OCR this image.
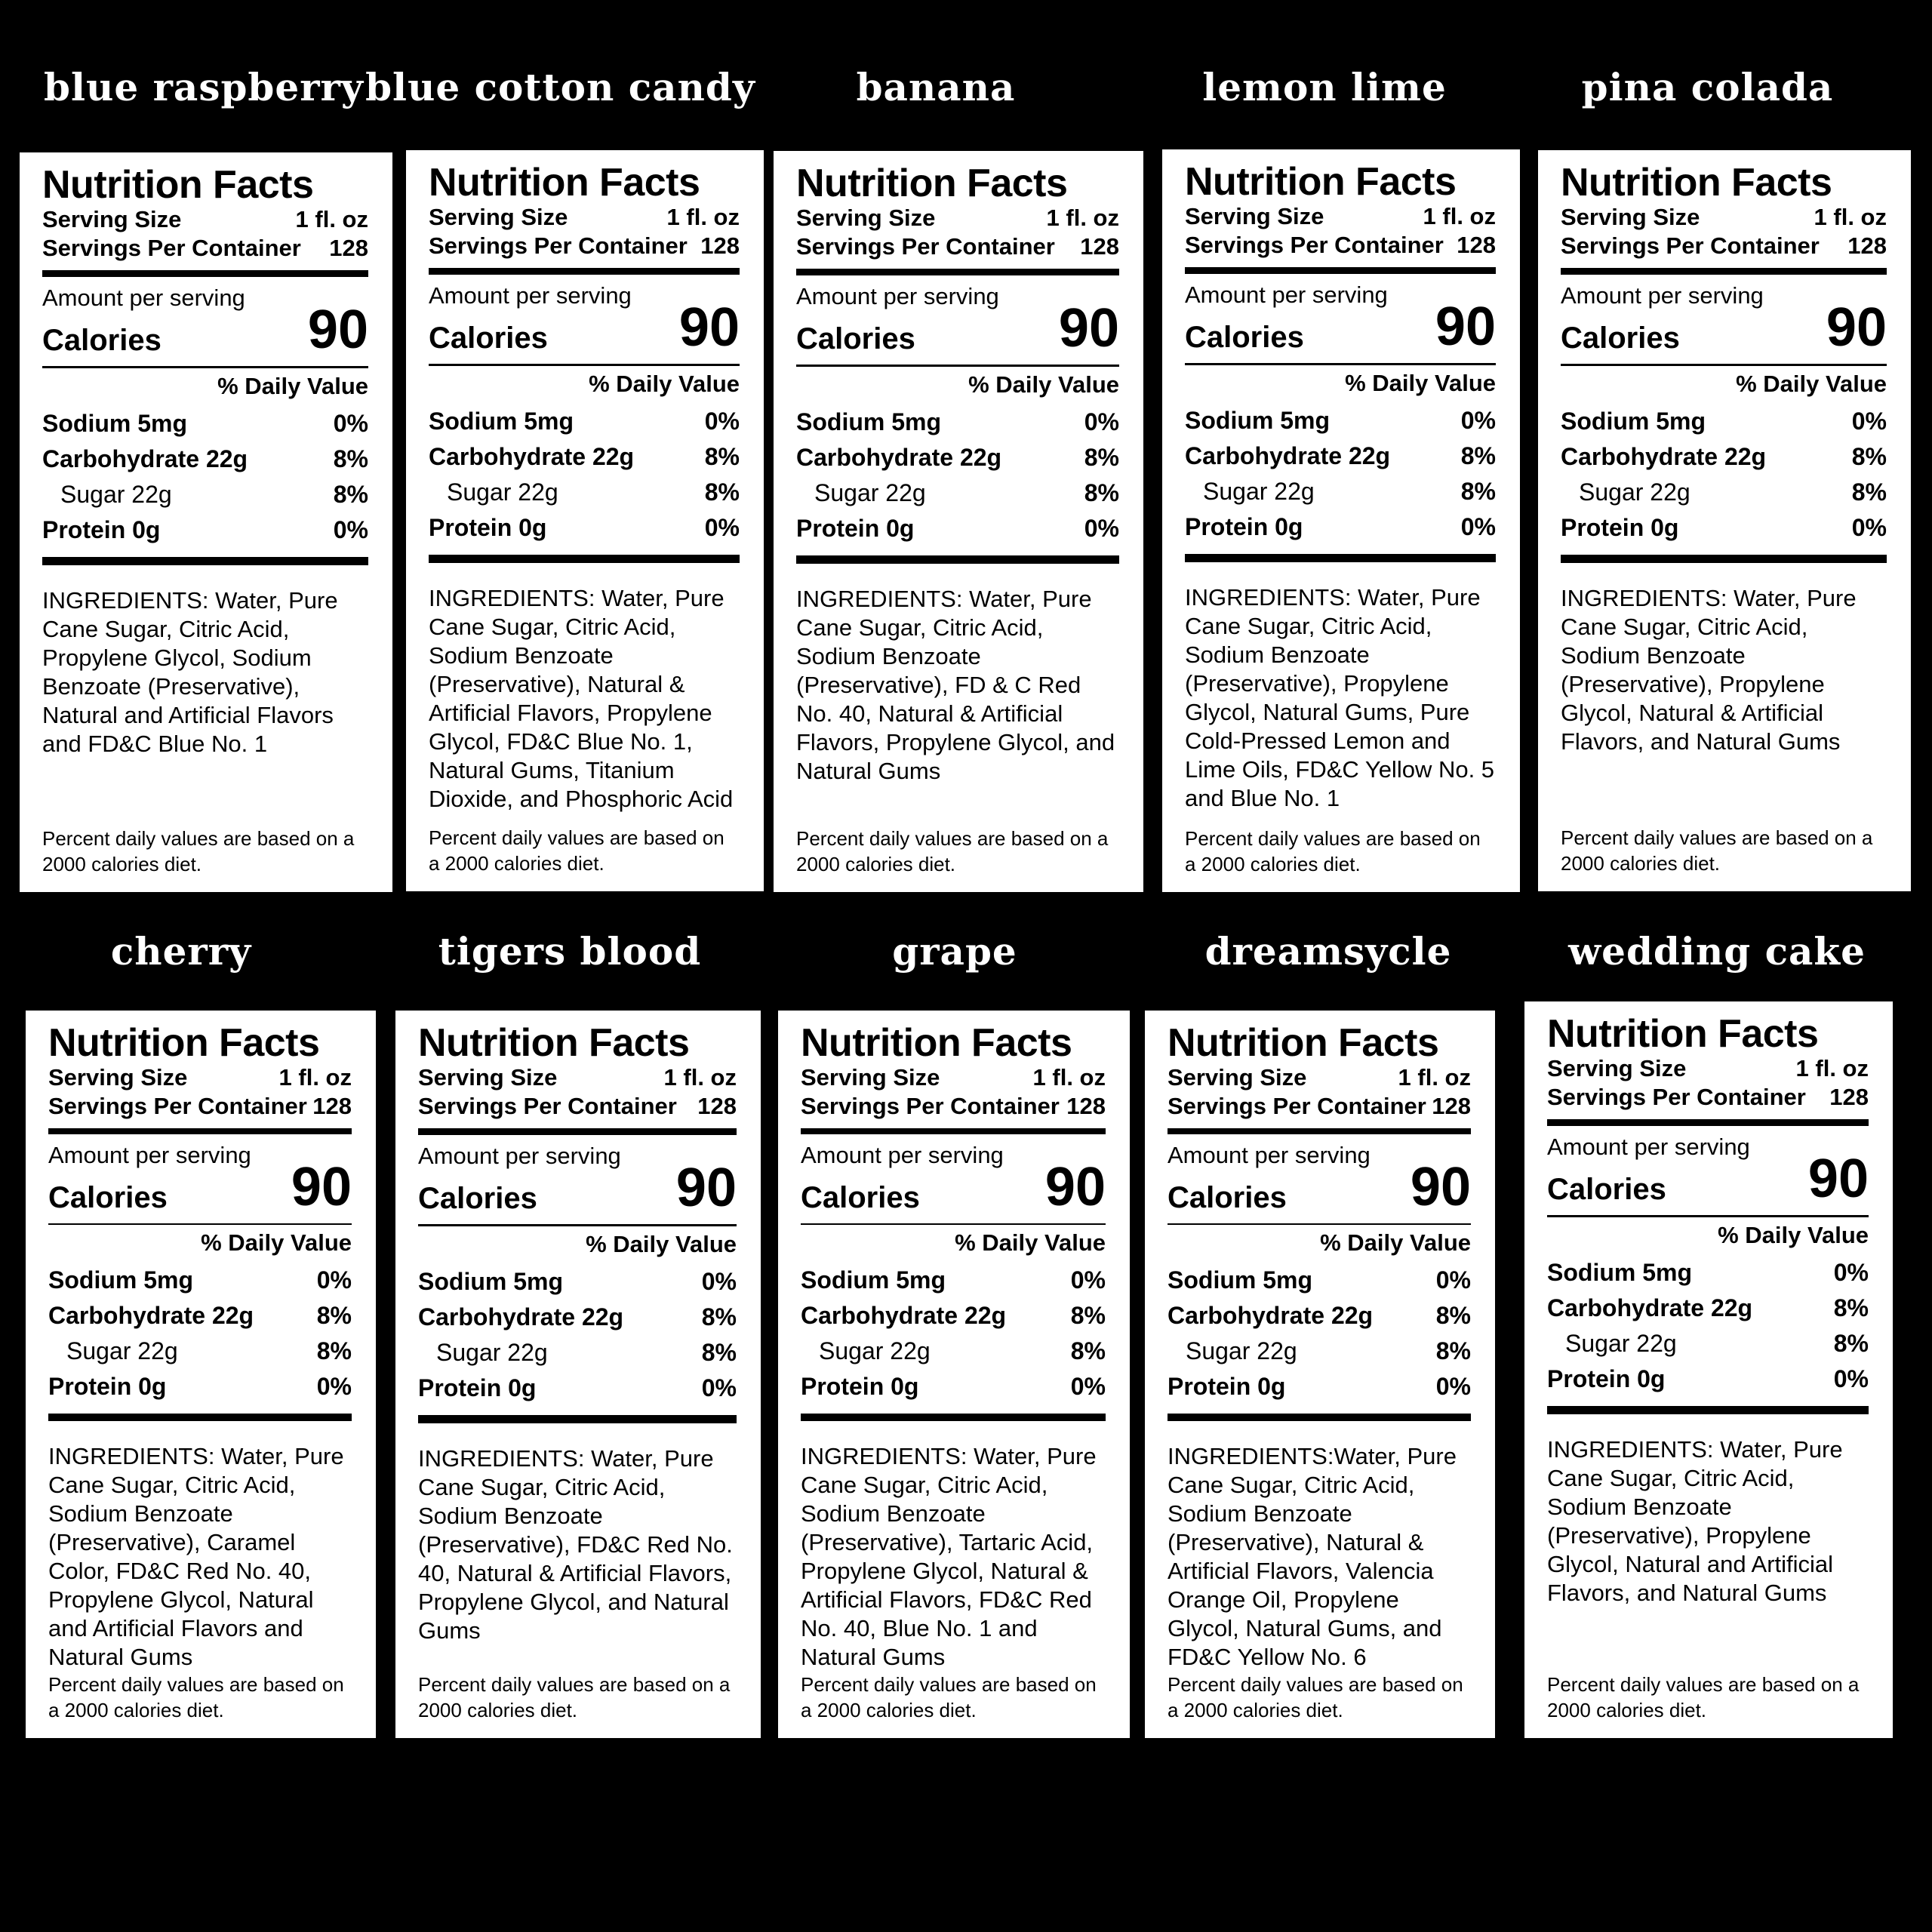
blue raspberry
Nutrition Facts
Serving Size	1 fl. oz
Servings Per Container 128
Amount per serving
Calories	90
% Daily Value
Sodium 5mg	0%
Carbohydrate 22g	8%
Sugar 22g	8%
Protein 0g	0%
INGREDIENTS: Water, Pure Cane Sugar, Citric Acid, Propylene Glycol, Sodium Benzoate (Preservative), Natural and Artificial Flavors and FD&C Blue No. 1
Percent daily values are based on a 2000 calories diet.
blue cotton candy
Nutrition Facts
Serving Size	1 fl. oz
Servings Per Container 128
Amount per serving
Calories 90
% Daily Value
Sodium 5mg	0%
Carbohydrate 22g	8%
Sugar 22g	8%
Protein 0g	0%
INGREDIENTS: Water, Pure Cane Sugar, Citric Acid, Sodium Benzoate (Preservative), Natural & Artificial Flavors, Propylene Glycol, FD&C Blue No. 1, Natural Gums, Titanium Dioxide, and Phosphoric Acid
Percent daily values are based on a 2000 calories diet.
banana
Nutrition Facts
Serving Size	1 fl. oz
Servings Per Container 128
Amount per serving
Calories	90
% Daily Value
Sodium 5mg	0%
Carbohydrate 22g	8%
Sugar 22g	8%
Protein 0g	0%
INGREDIENTS: Water, Pure Cane Sugar, Citric Acid, Sodium Benzoate (Preservative), FD & C Red No. 40, Natural & Artificial Flavors, Propylene Glycol, and Natural Gums
Percent daily values are based on a 2000 calories diet.
lemon lime
Nutrition Facts
Serving Size	1 fl. oz
Servings Per Container 128
Amount per serving
Calories 90
% Daily Value
Sodium 5mg	0%
Carbohydrate 22g	8%
Sugar 22g	8%
Protein 0g	0%
INGREDIENTS: Water, Pure Cane Sugar, Citric Acid, Sodium Benzoate (Preservative), Propylene Glycol, Natural Gums, Pure Cold-Pressed Lemon and Lime Oils, FD&C Yellow No. 5 and Blue No. 1
Percent daily values are based on a 2000 calories diet.
pina colada
Nutrition Facts
Serving Size	1 fl. oz
Servings Per Container 128
Amount per serving
Calories	90
% Daily Value
Sodium 5mg	0%
Carbohydrate 22g	8%
Sugar 22g	8%
Protein 0g	0%
INGREDIENTS: Water, Pure Cane Sugar, Citric Acid, Sodium Benzoate (Preservative), Propylene Glycol, Natural & Artificial Flavors, and Natural Gums
Percent daily values are based on a 2000 calories diet.
cherry
Nutrition Facts
Serving Size	1 fl. oz
Servings Per Container 128
Amount per serving
Calories 90
% Daily Value
Sodium 5mg	0%
Carbohydrate 22g	8%
Sugar 22g	8%
Protein 0g	0%
INGREDIENTS: Water, Pure Cane Sugar, Citric Acid, Sodium Benzoate (Preservative), Caramel Color, FD&C Red No. 40, Propylene Glycol, Natural and Artificial Flavors and Natural Gums
Percent daily values are based on a 2000 calories diet.
tigers blood
Nutrition Facts
Serving Size	1 fl. oz
Servings Per Container 128
Amount per serving
Calories	90
% Daily Value
Sodium 5mg	0%
Carbohydrate 22g	8%
Sugar 22g	8%
Protein 0g	0%
INGREDIENTS: Water, Pure Cane Sugar, Citric Acid, Sodium Benzoate (Preservative), FD&C Red No. 40, Natural & Artificial Flavors, Propylene Glycol, and Natural Gums
Percent daily values are based on a 2000 calories diet.
grape
Nutrition Facts
Serving Size	1 fl. oz
Servings Per Container 128
Amount per serving
Calories 90
% Daily Value
Sodium 5mg	0%
Carbohydrate 22g	8%
Sugar 22g	8%
Protein 0g	0%
INGREDIENTS: Water, Pure Cane Sugar, Citric Acid, Sodium Benzoate (Preservative), Tartaric Acid, Propylene Glycol, Natural & Artificial Flavors, FD&C Red No. 40, Blue No. 1 and Natural Gums
Percent daily values are based on a 2000 calories diet.
dreamsycle
Nutrition Facts
Serving Size	1 fl. oz
Servings Per Container 128
Amount per serving
Calories 90
% Daily Value
Sodium 5mg	0%
Carbohydrate 22g	8%
Sugar 22g	8%
Protein 0g	0%
INGREDIENTS:Water, Pure Cane Sugar, Citric Acid, Sodium Benzoate (Preservative), Natural & Artificial Flavors, Valencia Orange Oil, Propylene Glycol, Natural Gums, and FD&C Yellow No. 6
Percent daily values are based on a 2000 calories diet.
wedding cake
Nutrition Facts
Serving Size	1 fl. oz
Servings Per Container 128
Amount per serving
Calories	90
% Daily Value
Sodium 5mg	0%
Carbohydrate 22g	8%
Sugar 22g	8%
Protein 0g	0%
INGREDIENTS: Water, Pure Cane Sugar, Citric Acid, Sodium Benzoate (Preservative), Propylene Glycol, Natural and Artificial Flavors, and Natural Gums
Percent daily values are based on a 2000 calories diet.
